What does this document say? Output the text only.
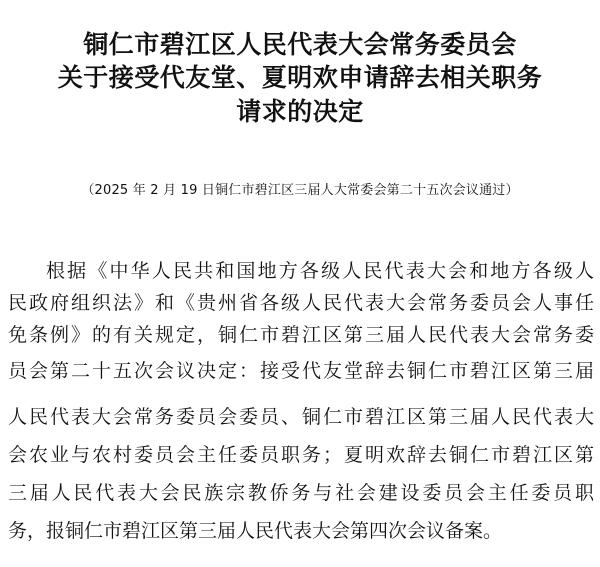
铜仁市碧江区人民代表大会常务委员会
关于接受代友堂、夏明欢申请辞去相关职务
请求的决定
（2025 年 2 月 19 日铜仁市碧江区三届人大常委会第二十五次会议通过）
根据《中华人民共和国地方各级人民代表大会和地方各级人
民政府组织法》和《贵州省各级人民代表大会常务委员会人事任
免条例》的有关规定，铜仁市碧江区第三届人民代表大会常务委
员会第二十五次会议决定：接受代友堂辞去铜仁市碧江区第三届
人民代表大会常务委员会委员、铜仁市碧江区第三届人民代表大
会农业与农村委员会主任委员职务；夏明欢辞去铜仁市碧江区第
三届人民代表大会民族宗教侨务与社会建设委员会主任委员职
务，报铜仁市碧江区第三届人民代表大会第四次会议备案。
